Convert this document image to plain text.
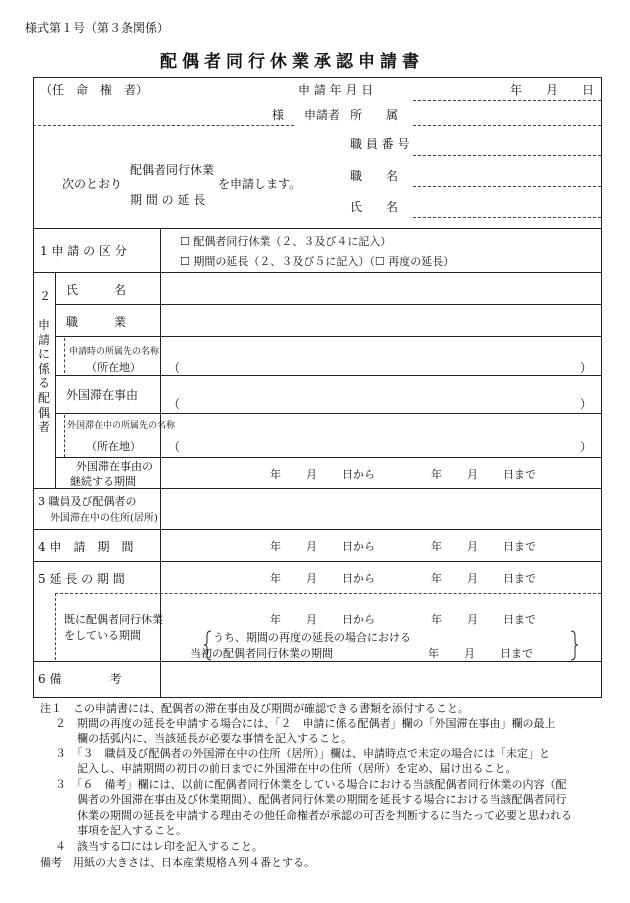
様式第１号（第３条関係）
配偶者同行休業承認申請書
（任　命　権　者）	申 請 年 月 日	年 月 日
様 申請者 所　　属
職 員 番 号
職　　名
氏　　名
次のとおり
配偶者同行休業
期 間 の 延 長
を申請します。
1 申 請 の 区 分
☐ 配偶者同行休業（２、３及び４に記入）
☐ 期間の延長（２、３及び５に記入）（☐ 再度の延長）
２
申請に係る配偶者
氏　　　名
職　　　業
申請時の所属先の名称
（所在地） （	）
外国滞在事由
（	）
外国滞在中の所属先の名称
（所在地） （	）
外国滞在事由の
継続する期間
年 月 日から	年 月 日まで
3 職員及び配偶者の
外国滞在中の住所(居所)
4 申　請　期　間	年 月 日から	年 月 日まで
5 延 長 の 期 間	年 月 日から	年 月 日まで
既に配偶者同行休業
をしている期間
年 月 日から	年 月 日まで
うち、期間の再度の延長の場合における
当初の配偶者同行休業の期間	年 月 日まで
6 備　　　　考
注１　この申請書には、配偶者の滞在事由及び期間が確認できる書類を添付すること。
２　期間の再度の延長を申請する場合には、「２　申請に係る配偶者」欄の「外国滞在事由」欄の最上
欄の括弧内に、当該延長が必要な事情を記入すること。
３　「３　職員及び配偶者の外国滞在中の住所（居所）」欄は、申請時点で未定の場合には「未定」と
記入し、申請期間の初日の前日までに外国滞在中の住所（居所）を定め、届け出ること。
３　「６　備考」欄には、以前に配偶者同行休業をしている場合における当該配偶者同行休業の内容（配
偶者の外国滞在事由及び休業期間）、配偶者同行休業の期間を延長する場合における当該配偶者同行
休業の期間の延長を申請する理由その他任命権者が承認の可否を判断するに当たって必要と思われる
事項を記入すること。
４　該当する☐にはレ印を記入すること。
備考　用紙の大きさは、日本産業規格Ａ列４番とする。
